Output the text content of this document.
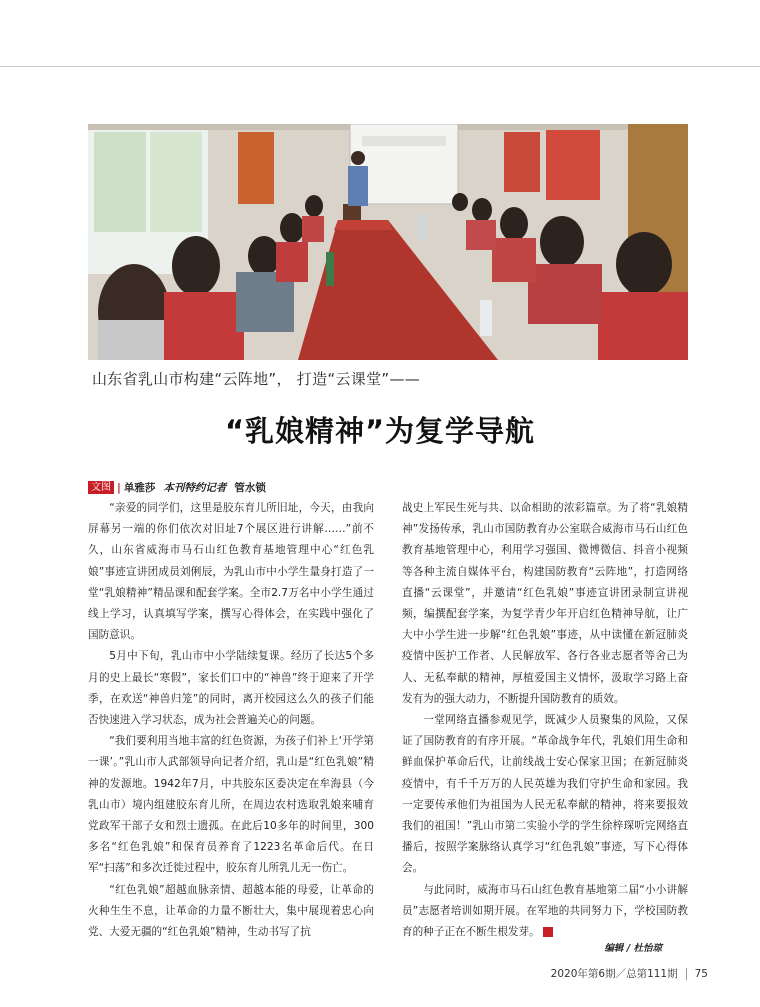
山东省乳山市构建“云阵地”， 打造“云课堂”——
“乳娘精神”为复学导航
文图 | 单雅莎 本刊特约记者 管水锁

“亲爱的同学们，这里是胶东育儿所旧址，今天，由我向屏幕另一端的你们依次对旧址7个展区进行讲解……”前不久，山东省威海市马石山红色教育基地管理中心“红色乳娘”事迹宣讲团成员刘俐辰，为乳山市中小学生量身打造了一堂“乳娘精神”精品课和配套学案。全市2.7万名中小学生通过线上学习，认真填写学案，撰写心得体会，在实践中强化了国防意识。

5月中下旬，乳山市中小学陆续复课。经历了长达5个多月的史上最长“寒假”，家长们口中的“神兽”终于迎来了开学季，在欢送“神兽归笼”的同时，离开校园这么久的孩子们能否快速进入学习状态，成为社会普遍关心的问题。

“我们要利用当地丰富的红色资源，为孩子们补上‘开学第一课’。”乳山市人武部领导向记者介绍，乳山是“红色乳娘”精神的发源地。1942年7月，中共胶东区委决定在牟海县（今乳山市）境内组建胶东育儿所，在周边农村选取乳娘来哺育党政军干部子女和烈士遗孤。在此后10多年的时间里，300多名“红色乳娘”和保育员养育了1223名革命后代。在日军“扫荡”和多次迁徙过程中，胶东育儿所乳儿无一伤亡。

“红色乳娘”超越血脉亲情、超越本能的母爱，让革命的火种生生不息，让革命的力量不断壮大，集中展现着忠心向党、大爱无疆的“红色乳娘”精神，生动书写了抗

战史上军民生死与共、以命相助的浓彩篇章。为了将“乳娘精神”发扬传承，乳山市国防教育办公室联合威海市马石山红色教育基地管理中心，利用学习强国、微博微信、抖音小视频等各种主流自媒体平台，构建国防教育“云阵地”，打造网络直播“云课堂”，并邀请“红色乳娘”事迹宣讲团录制宣讲视频，编撰配套学案，为复学青少年开启红色精神导航，让广大中小学生进一步解“红色乳娘”事迹，从中读懂在新冠肺炎疫情中医护工作者、人民解放军、各行各业志愿者等舍己为人、无私奉献的精神，厚植爱国主义情怀，汲取学习路上奋发有为的强大动力，不断提升国防教育的质效。

一堂网络直播参观见学，既减少人员聚集的风险，又保证了国防教育的有序开展。“革命战争年代，乳娘们用生命和鲜血保护革命后代，让前线战士安心保家卫国；在新冠肺炎疫情中，有千千万万的人民英雄为我们守护生命和家园。我一定要传承他们为祖国为人民无私奉献的精神，将来要报效我们的祖国！”乳山市第二实验小学的学生徐梓琛听完网络直播后，按照学案脉络认真学习“红色乳娘”事迹，写下心得体会。

与此同时，威海市马石山红色教育基地第二届“小小讲解员”志愿者培训如期开展。在军地的共同努力下，学校国防教育的种子正在不断生根发芽。	G

编辑 / 杜怡琼
2020年第6期／总第111期 75
